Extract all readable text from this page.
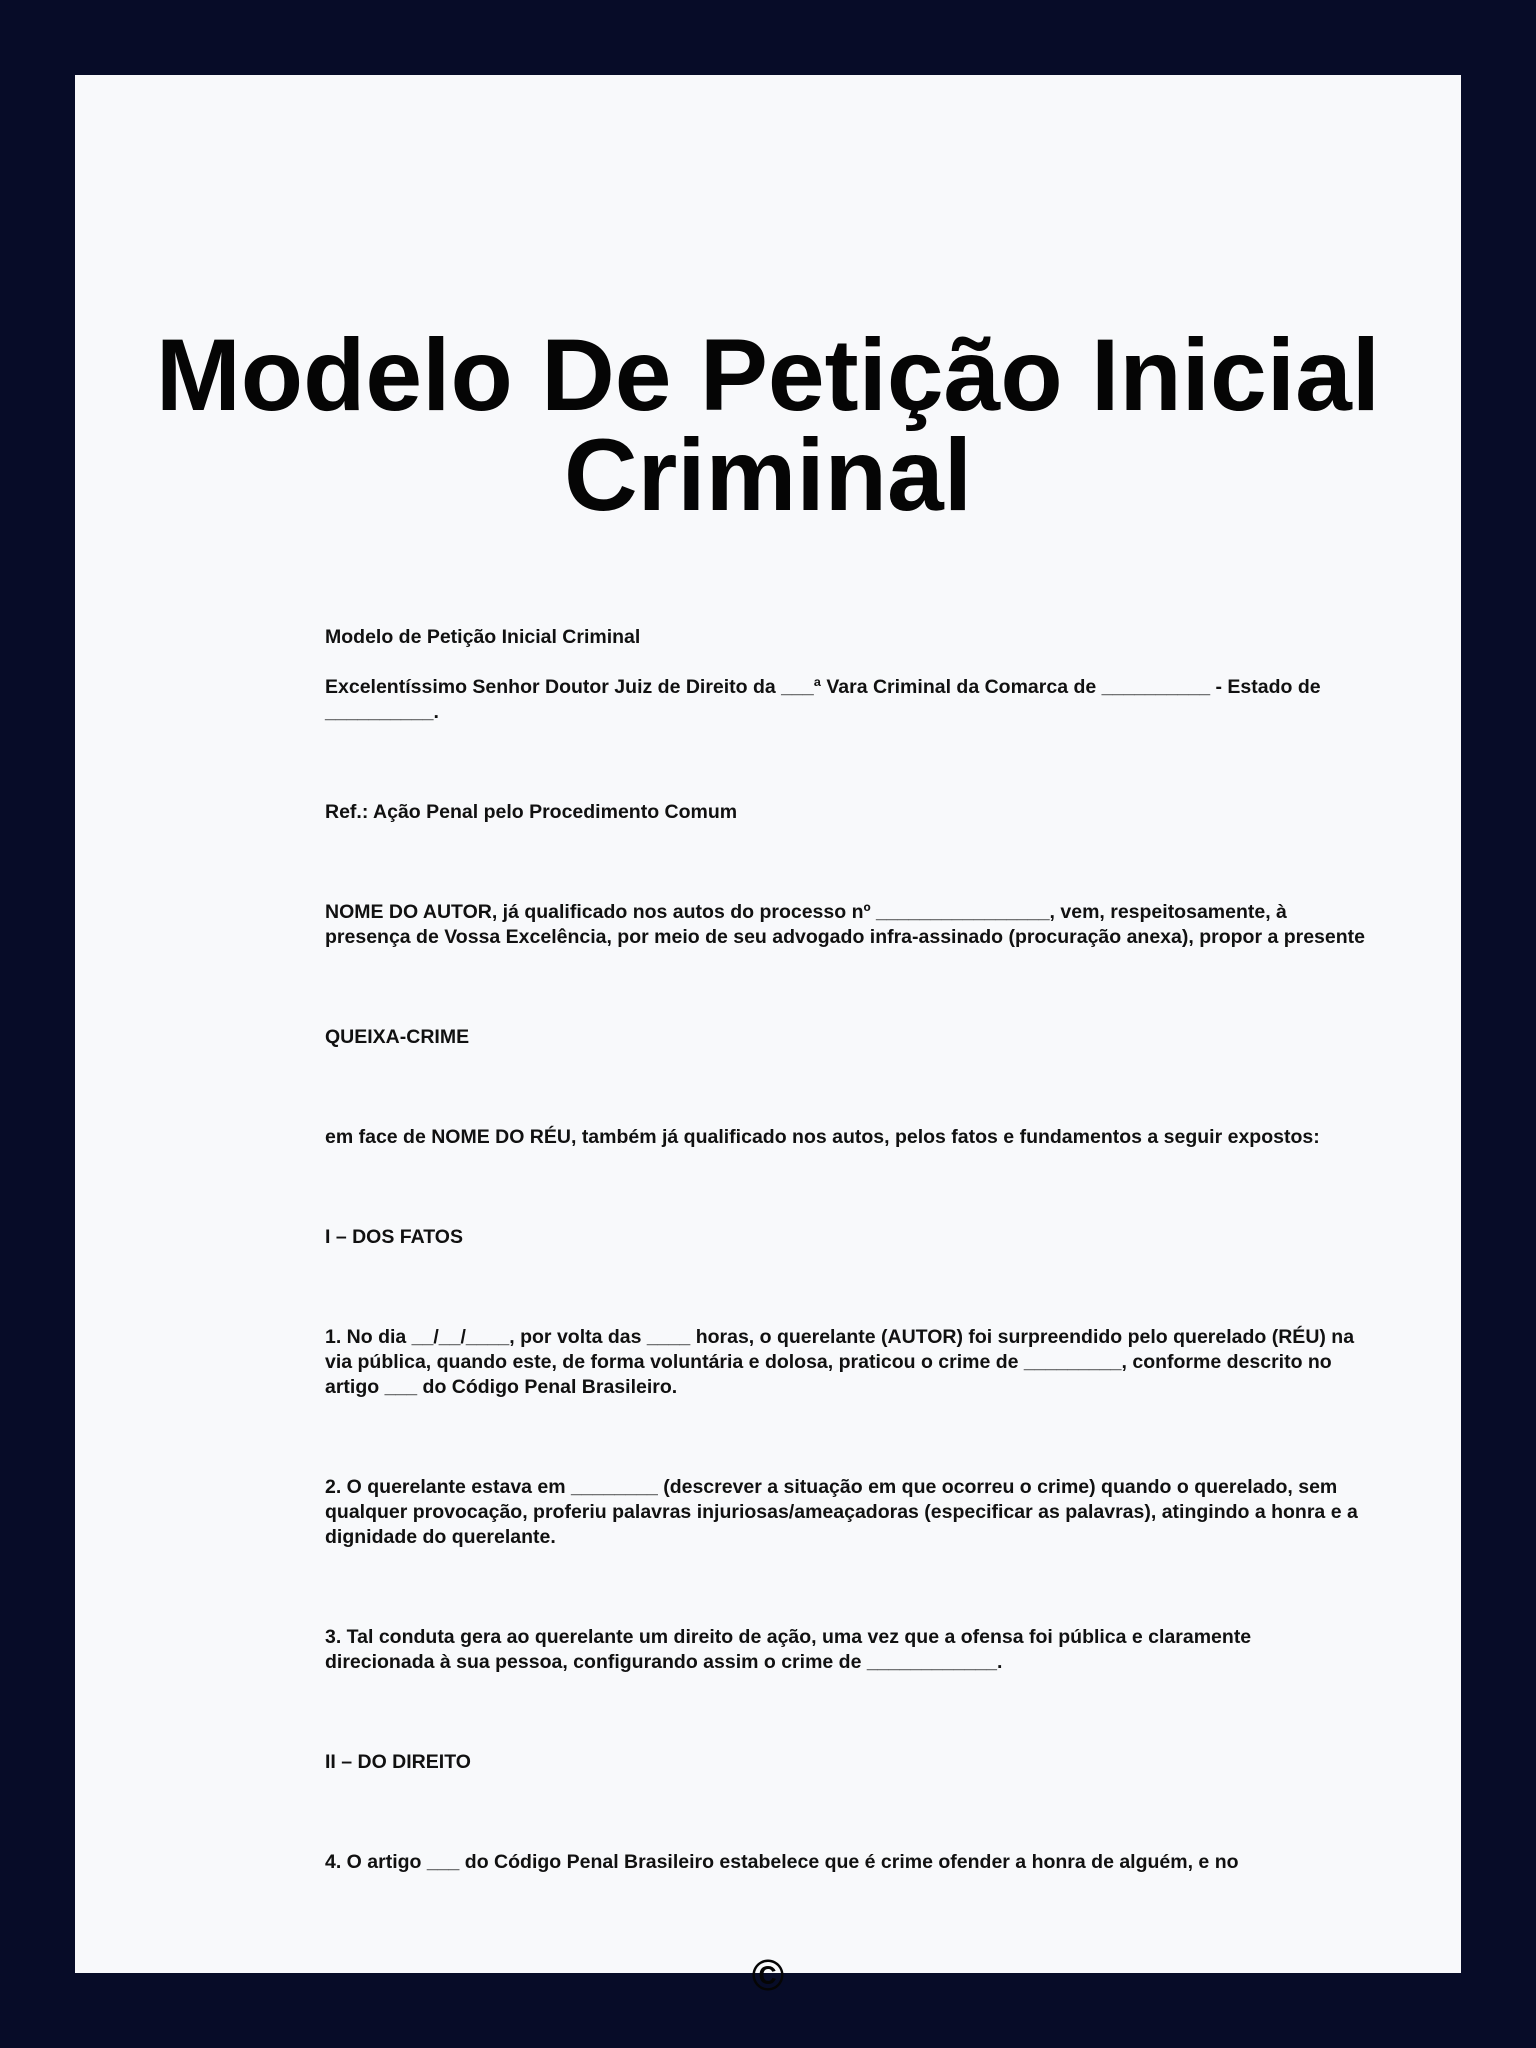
Modelo De Petição Inicial
Criminal

Modelo de Petição Inicial Criminal

Excelentíssimo Senhor Doutor Juiz de Direito da ___ª Vara Criminal da Comarca de __________ - Estado de __________.

Ref.: Ação Penal pelo Procedimento Comum

NOME DO AUTOR, já qualificado nos autos do processo nº ________________, vem, respeitosamente, à presença de Vossa Excelência, por meio de seu advogado infra-assinado (procuração anexa), propor a presente

QUEIXA-CRIME

em face de NOME DO RÉU, também já qualificado nos autos, pelos fatos e fundamentos a seguir expostos:

I – DOS FATOS

1. No dia __/__/____, por volta das ____ horas, o querelante (AUTOR) foi surpreendido pelo querelado (RÉU) na via pública, quando este, de forma voluntária e dolosa, praticou o crime de _________, conforme descrito no artigo ___ do Código Penal Brasileiro.

2. O querelante estava em ________ (descrever a situação em que ocorreu o crime) quando o querelado, sem qualquer provocação, proferiu palavras injuriosas/ameaçadoras (especificar as palavras), atingindo a honra e a dignidade do querelante.

3. Tal conduta gera ao querelante um direito de ação, uma vez que a ofensa foi pública e claramente direcionada à sua pessoa, configurando assim o crime de ____________.

II – DO DIREITO

4. O artigo ___ do Código Penal Brasileiro estabelece que é crime ofender a honra de alguém, e no

©
